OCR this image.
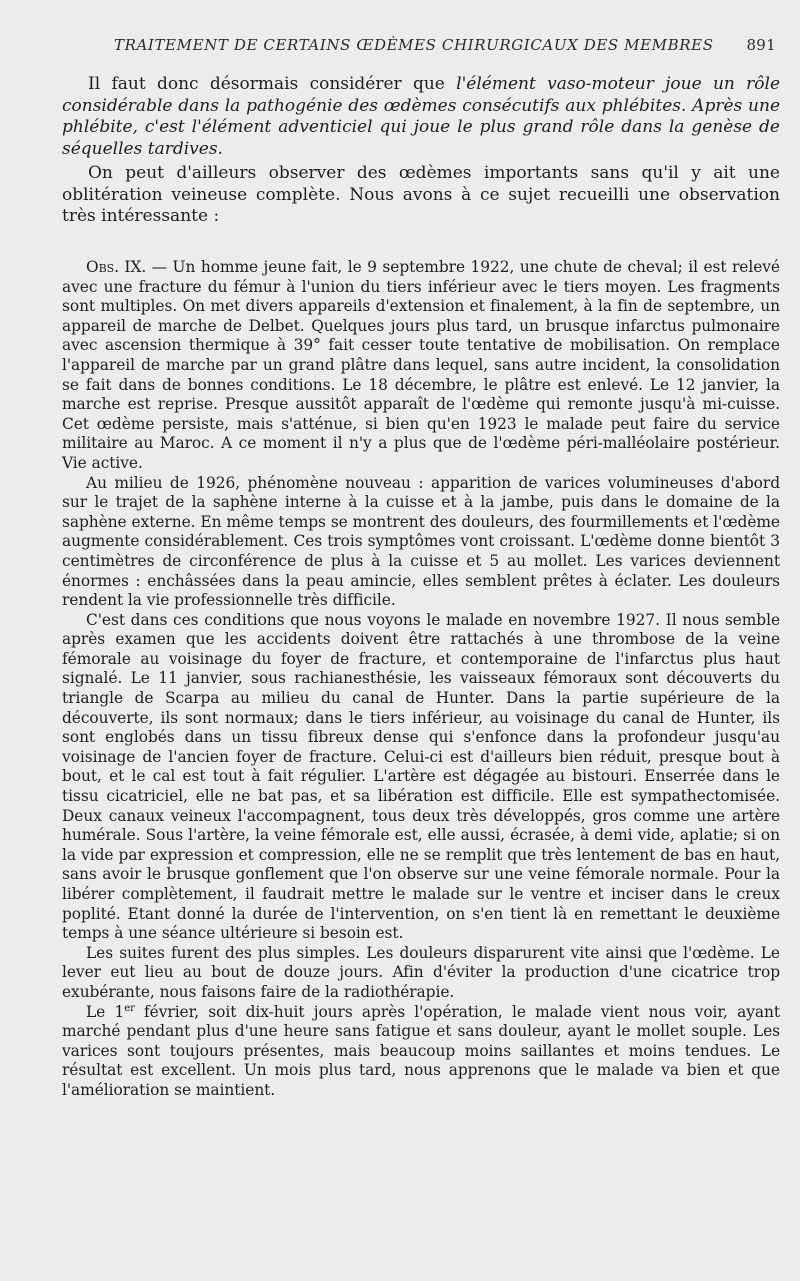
TRAITEMENT DE CERTAINS ŒDÈMES CHIRURGICAUX DES MEMBRES 891

Il faut donc désormais considérer que l'élément vaso-moteur joue un rôle considérable dans la pathogénie des œdèmes consécutifs aux phlébites. Après une phlébite, c'est l'élément adventiciel qui joue le plus grand rôle dans la genèse de séquelles tardives.

On peut d'ailleurs observer des œdèmes importants sans qu'il y ait une oblitération veineuse complète. Nous avons à ce sujet recueilli une observation très intéressante :

Obs. IX. — Un homme jeune fait, le 9 septembre 1922, une chute de cheval; il est relevé avec une fracture du fémur à l'union du tiers inférieur avec le tiers moyen. Les fragments sont multiples. On met divers appareils d'extension et finalement, à la fin de septembre, un appareil de marche de Delbet. Quelques jours plus tard, un brusque infarctus pulmonaire avec ascension thermique à 39° fait cesser toute tentative de mobilisation. On remplace l'appareil de marche par un grand plâtre dans lequel, sans autre incident, la consolidation se fait dans de bonnes conditions. Le 18 décembre, le plâtre est enlevé. Le 12 janvier, la marche est reprise. Presque aussitôt apparaît de l'œdème qui remonte jusqu'à mi-cuisse. Cet œdème persiste, mais s'atténue, si bien qu'en 1923 le malade peut faire du service militaire au Maroc. A ce moment il n'y a plus que de l'œdème péri-malléolaire postérieur. Vie active.

Au milieu de 1926, phénomène nouveau : apparition de varices volumineuses d'abord sur le trajet de la saphène interne à la cuisse et à la jambe, puis dans le domaine de la saphène externe. En même temps se montrent des douleurs, des fourmillements et l'œdème augmente considérablement. Ces trois symptômes vont croissant. L'œdème donne bientôt 3 centimètres de circonférence de plus à la cuisse et 5 au mollet. Les varices deviennent énormes : enchâssées dans la peau amincie, elles semblent prêtes à éclater. Les douleurs rendent la vie professionnelle très difficile.

C'est dans ces conditions que nous voyons le malade en novembre 1927. Il nous semble après examen que les accidents doivent être rattachés à une thrombose de la veine fémorale au voisinage du foyer de fracture, et contemporaine de l'infarctus plus haut signalé. Le 11 janvier, sous rachianesthésie, les vaisseaux fémoraux sont découverts du triangle de Scarpa au milieu du canal de Hunter. Dans la partie supérieure de la découverte, ils sont normaux; dans le tiers inférieur, au voisinage du canal de Hunter, ils sont englobés dans un tissu fibreux dense qui s'enfonce dans la profondeur jusqu'au voisinage de l'ancien foyer de fracture. Celui-ci est d'ailleurs bien réduit, presque bout à bout, et le cal est tout à fait régulier. L'artère est dégagée au bistouri. Enserrée dans le tissu cicatriciel, elle ne bat pas, et sa libération est difficile. Elle est sympathectomisée. Deux canaux veineux l'accompagnent, tous deux très développés, gros comme une artère humérale. Sous l'artère, la veine fémorale est, elle aussi, écrasée, à demi vide, aplatie; si on la vide par expression et compression, elle ne se remplit que très lentement de bas en haut, sans avoir le brusque gonflement que l'on observe sur une veine fémorale normale. Pour la libérer complètement, il faudrait mettre le malade sur le ventre et inciser dans le creux poplité. Etant donné la durée de l'intervention, on s'en tient là en remettant le deuxième temps à une séance ultérieure si besoin est.

Les suites furent des plus simples. Les douleurs disparurent vite ainsi que l'œdème. Le lever eut lieu au bout de douze jours. Afin d'éviter la production d'une cicatrice trop exubérante, nous faisons faire de la radiothérapie.

Le 1er février, soit dix-huit jours après l'opération, le malade vient nous voir, ayant marché pendant plus d'une heure sans fatigue et sans douleur, ayant le mollet souple. Les varices sont toujours présentes, mais beaucoup moins saillantes et moins tendues. Le résultat est excellent. Un mois plus tard, nous apprenons que le malade va bien et que l'amélioration se maintient.
